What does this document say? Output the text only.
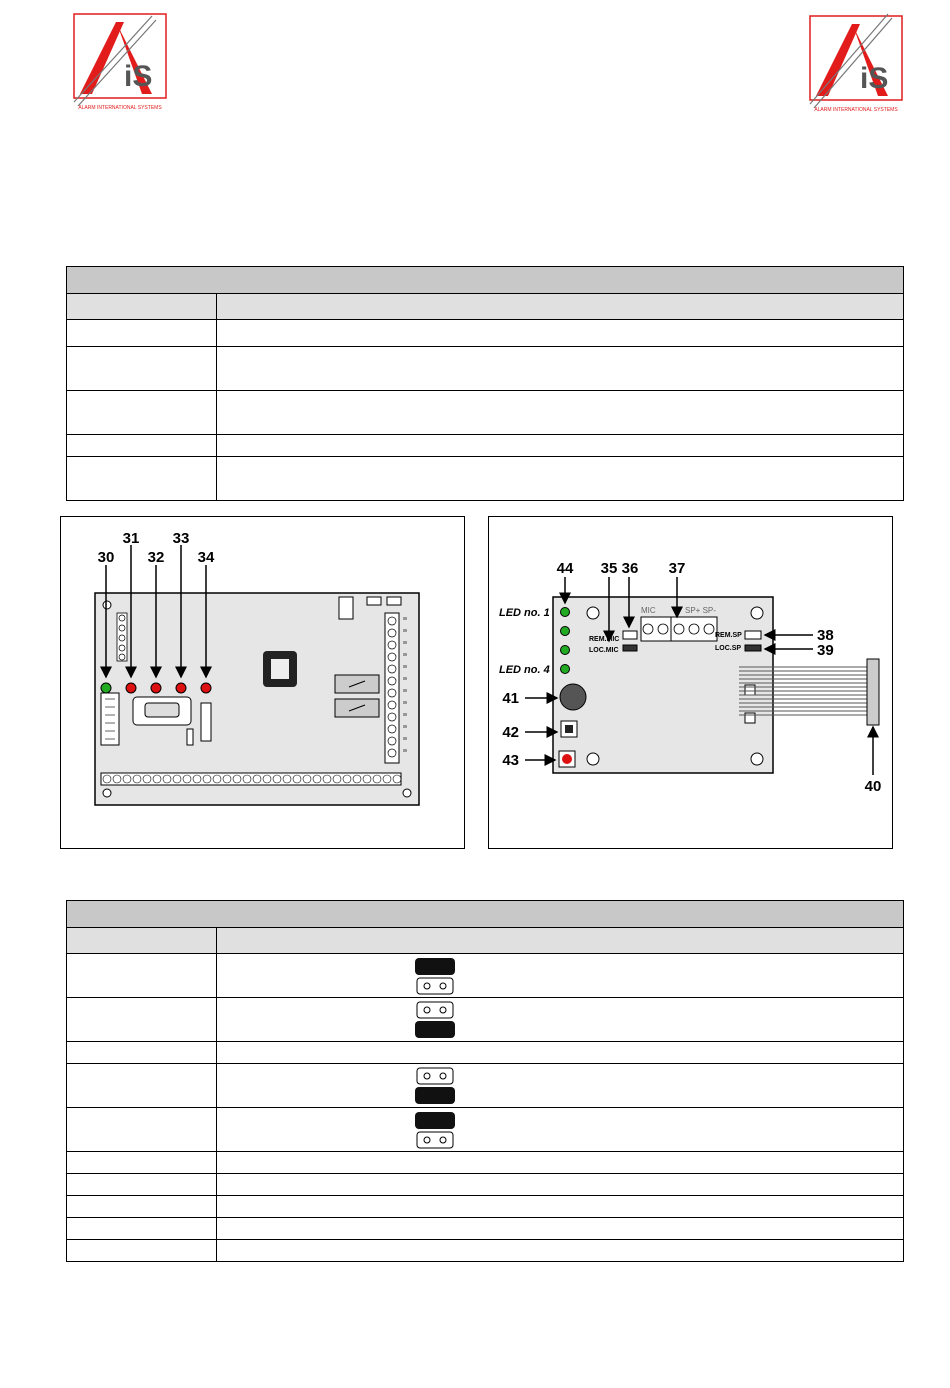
iS
ALARM INTERNATIONAL SYSTEMS
iS
ALARM INTERNATIONAL SYSTEMS

30
31
32
33
34
LED no. 1
LED no. 4
MIC	SP+ SP-
REM.MIC
LOC.MIC
REM.SP
LOC.SP
44 35 36 37
38
39
41
42
43
40
